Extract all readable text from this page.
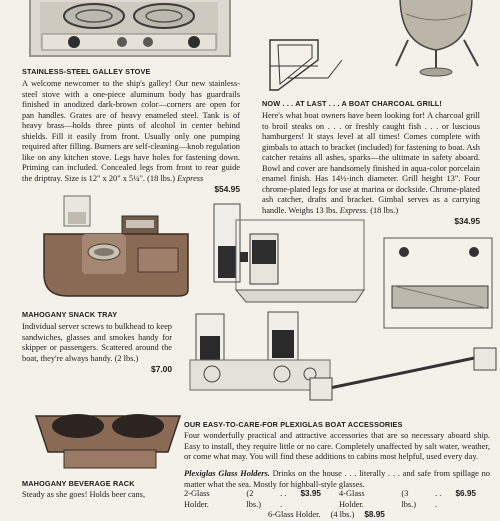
STAINLESS-STEEL GALLEY STOVE

A welcome newcomer to the ship's galley! Our new stainless-steel stove with a one-piece aluminum body has guardrails finished in anodized dark-brown color—corners are open for pan handles. Grates are of heavy enameled steel. Tank is of heavy brass—holds three pints of alcohol in center behind shields. Fill it easily from front. Usually only one pumping required after filling. Burners are self-cleaning—knob regulation like on any kitchen stove. Legs have holes for fastening down. Priming can included. Concealed legs from front to rear guide the driptray. Size is 12" x 20" x 5¼". (18 lbs.) Express
$54.95

NOW . . . AT LAST . . . A BOAT CHARCOAL GRILL!

Here's what boat owners have been looking for! A charcoal grill to broil steaks on . . . or freshly caught fish . . . or luscious hamburgers! It stays level at all times! Comes complete with gimbals to attach to bracket (included) for fastening to boat. Ash catcher retains all ashes, sparks—the ultimate in safety aboard. Bowl and cover are handsomely finished in aqua-color porcelain enamel finish. Has 14½-inch diameter. Grill height 13". Four chrome-plated legs for use at marina or dockside. Chrome-plated ash catcher, drafts and bracket. Gimbal serves as a carrying handle. Weighs 13 lbs. Express. (18 lbs.)
$34.95

MAHOGANY SNACK TRAY

Individual server screws to bulkhead to keep sandwiches, glasses and smokes handy for skipper or passengers. Scattered around the boat, they're always handy. (2 lbs.)
$7.00

OUR EASY-TO-CARE-FOR PLEXIGLAS BOAT ACCESSORIES

Four wonderfully practical and attractive accessories that are so necessary aboard ship. Easy to install, they require little or no care. Completely unaffected by salt water, weather, or come what may. You will find these additions to cabins most helpful, used every day.

Plexiglas Glass Holders. Drinks on the house . . . literally . . . and safe from spillage no matter what the sea. Mostly for highball-style glasses.

2-Glass Holder.
(2 lbs.)
. . .
$3.95 4-Glass Holder.
(3 lbs.)
. . .
$6.95
6-Glass Holder. (4 lbs.) $8.95
MAHOGANY BEVERAGE RACK

Steady as she goes! Holds beer cans,
